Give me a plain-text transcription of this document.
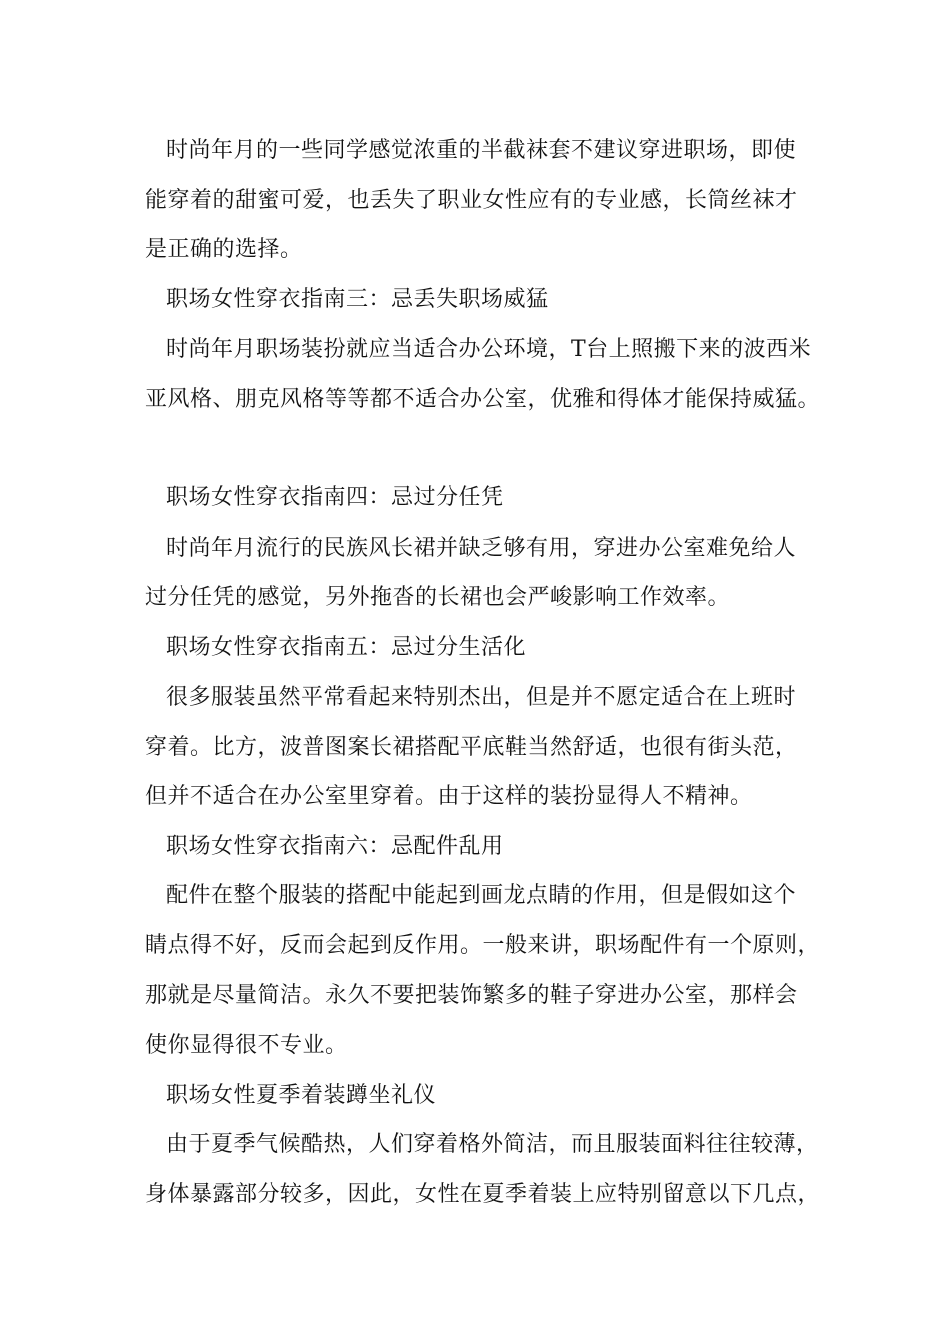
时尚年月的一些同学感觉浓重的半截袜套不建议穿进职场，即使
能穿着的甜蜜可爱，也丢失了职业女性应有的专业感，长筒丝袜才
是正确的选择。
职场女性穿衣指南三：忌丢失职场威猛
时尚年月职场装扮就应当适合办公环境，T台上照搬下来的波西米
亚风格、朋克风格等等都不适合办公室，优雅和得体才能保持威猛。
职场女性穿衣指南四：忌过分任凭
时尚年月流行的民族风长裙并缺乏够有用，穿进办公室难免给人
过分任凭的感觉，另外拖沓的长裙也会严峻影响工作效率。
职场女性穿衣指南五：忌过分生活化
很多服装虽然平常看起来特别杰出，但是并不愿定适合在上班时
穿着。比方，波普图案长裙搭配平底鞋当然舒适，也很有街头范，
但并不适合在办公室里穿着。由于这样的装扮显得人不精神。
职场女性穿衣指南六：忌配件乱用
配件在整个服装的搭配中能起到画龙点睛的作用，但是假如这个
睛点得不好，反而会起到反作用。一般来讲，职场配件有一个原则，
那就是尽量简洁。永久不要把装饰繁多的鞋子穿进办公室，那样会
使你显得很不专业。
职场女性夏季着装蹲坐礼仪
由于夏季气候酷热，人们穿着格外简洁，而且服装面料往往较薄，
身体暴露部分较多，因此，女性在夏季着装上应特别留意以下几点，
